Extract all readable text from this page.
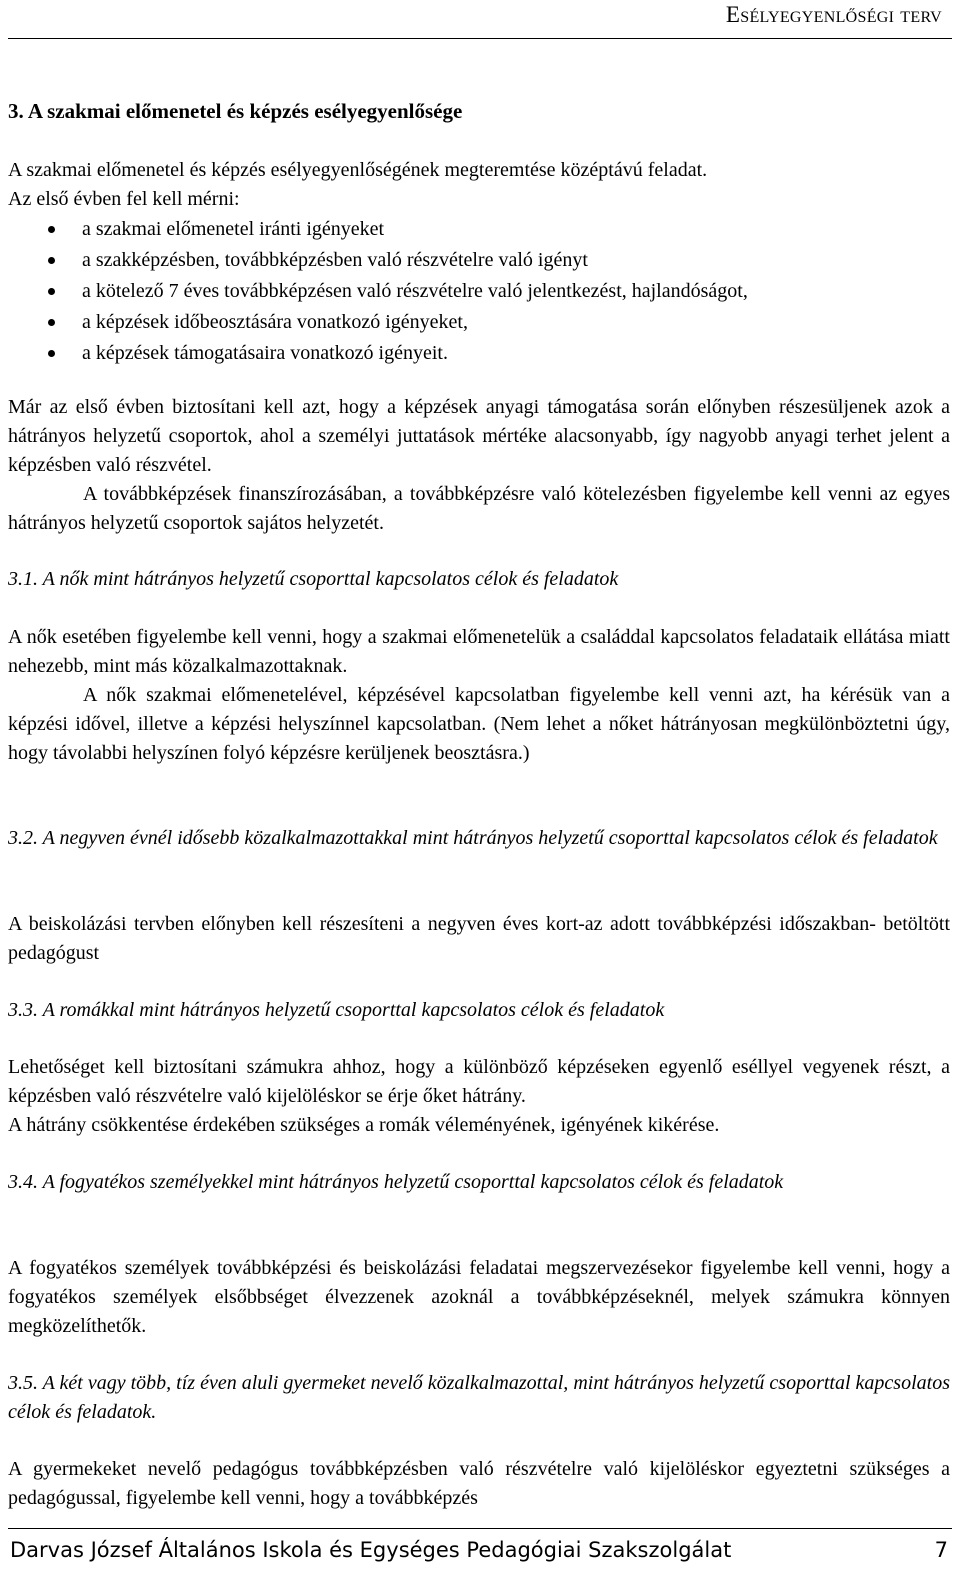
Esélyegyenlőségi terv
3. A szakmai előmenetel és képzés esélyegyenlősége
A szakmai előmenetel és képzés esélyegyenlőségének megteremtése középtávú feladat.
Az első évben fel kell mérni:
a szakmai előmenetel iránti igényeket
a szakképzésben, továbbképzésben való részvételre való igényt
a kötelező 7 éves továbbképzésen való részvételre való jelentkezést, hajlandóságot,
a képzések időbeosztására vonatkozó igényeket,
a képzések támogatásaira vonatkozó igényeit.
Már az első évben biztosítani kell azt, hogy a képzések anyagi támogatása során előnyben részesüljenek azok a hátrányos helyzetű csoportok, ahol a személyi juttatások mértéke alacsonyabb, így nagyobb anyagi terhet jelent a képzésben való részvétel.
A továbbképzések finanszírozásában, a továbbképzésre való kötelezésben figyelembe kell venni az egyes hátrányos helyzetű csoportok sajátos helyzetét.
3.1. A nők mint hátrányos helyzetű csoporttal kapcsolatos célok és feladatok
A nők esetében figyelembe kell venni, hogy a szakmai előmenetelük a családdal kapcsolatos feladataik ellátása miatt nehezebb, mint más közalkalmazottaknak.
A nők szakmai előmenetelével, képzésével kapcsolatban figyelembe kell venni azt, ha kérésük van a képzési idővel, illetve a képzési helyszínnel kapcsolatban. (Nem lehet a nőket hátrányosan megkülönböztetni úgy, hogy távolabbi helyszínen folyó képzésre kerüljenek beosztásra.)
3.2. A negyven évnél idősebb közalkalmazottakkal mint hátrányos helyzetű csoporttal kapcsolatos célok és feladatok
A beiskolázási tervben előnyben kell részesíteni a negyven éves kort-az adott továbbképzési időszakban- betöltött pedagógust
3.3. A romákkal mint hátrányos helyzetű csoporttal kapcsolatos célok és feladatok
Lehetőséget kell biztosítani számukra ahhoz, hogy a különböző képzéseken egyenlő eséllyel vegyenek részt, a képzésben való részvételre való kijelöléskor se érje őket hátrány.
A hátrány csökkentése érdekében szükséges a romák véleményének, igényének kikérése.
3.4. A fogyatékos személyekkel mint hátrányos helyzetű csoporttal kapcsolatos célok és feladatok
A fogyatékos személyek továbbképzési és beiskolázási feladatai megszervezésekor figyelembe kell venni, hogy a fogyatékos személyek elsőbbséget élvezzenek azoknál a továbbképzéseknél, melyek számukra könnyen megközelíthetők.
3.5. A két vagy több, tíz éven aluli gyermeket nevelő közalkalmazottal, mint hátrányos helyzetű csoporttal kapcsolatos célok és feladatok.
A gyermekeket nevelő pedagógus továbbképzésben való részvételre való kijelöléskor egyeztetni szükséges a pedagógussal, figyelembe kell venni, hogy a továbbképzés
Darvas József Általános Iskola és Egységes Pedagógiai Szakszolgálat	7
